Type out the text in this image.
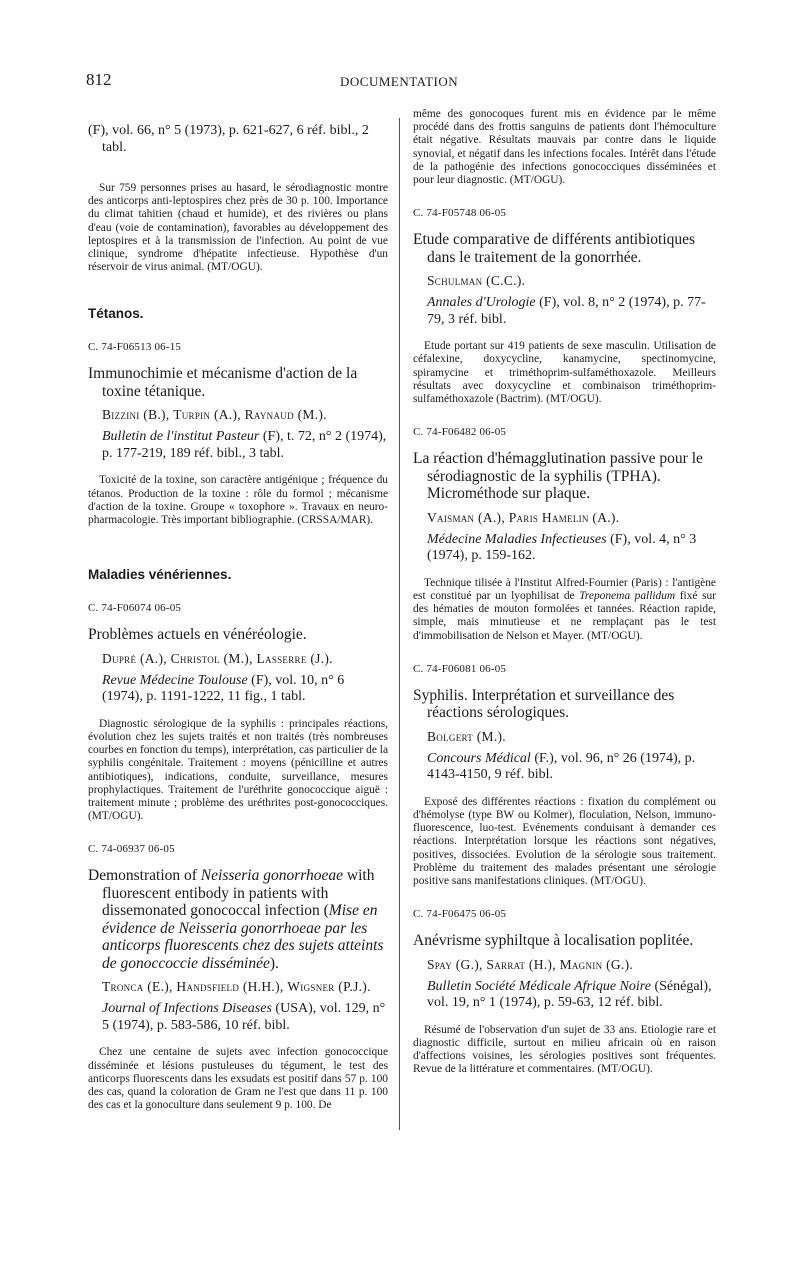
812	DOCUMENTATION

(F), vol. 66, n° 5 (1973), p. 621-627, 6 réf. bibl., 2 tabl.

Sur 759 personnes prises au hasard, le sérodiagnostic montre des anticorps anti-leptospires chez près de 30 p. 100. Importance du climat tahitien (chaud et humide), et des rivières ou plans d'eau (voie de contamination), favorables au développement des leptospires et à la transmission de l'infection. Au point de vue clinique, syndrome d'hépatite infectieuse. Hypothèse d'un réservoir de virus animal. (MT/OGU).

Tétanos.

C. 74-F06513 06-15

Immunochimie et mécanisme d'action de la toxine tétanique.

Bizzini (B.), Turpin (A.), Raynaud (M.).

Bulletin de l'institut Pasteur (F), t. 72, n° 2 (1974), p. 177-219, 189 réf. bibl., 3 tabl.

Toxicité de la toxine, son caractère antigénique ; fréquence du tétanos. Production de la toxine : rôle du formol ; mécanisme d'action de la toxine. Groupe « toxophore ». Travaux en neuro-pharmacologie. Très important bibliographie. (CRSSA/MAR).

Maladies vénériennes.

C. 74-F06074 06-05

Problèmes actuels en vénéréologie.

Dupré (A.), Christol (M.), Lasserre (J.).

Revue Médecine Toulouse (F), vol. 10, n° 6 (1974), p. 1191-1222, 11 fig., 1 tabl.

Diagnostic sérologique de la syphilis : principales réactions, évolution chez les sujets traités et non traités (très nombreuses courbes en fonction du temps), interprétation, cas particulier de la syphilis congénitale. Traitement : moyens (pénicilline et autres antibiotiques), indications, conduite, surveillance, mesures prophylactiques. Traitement de l'uréthrite gonococcique aiguë : traitement minute ; problème des uréthrites post-gonococciques. (MT/OGU).

C. 74-06937 06-05

Demonstration of Neisseria gonorrhoeae with fluorescent entibody in patients with dissemonated gonococcal infection (Mise en évidence de Neisseria gonorrhoeae par les anticorps fluorescents chez des sujets atteints de gonoccoccie disséminée).

Tronca (E.), Handsfield (H.H.), Wigsner (P.J.).

Journal of Infections Diseases (USA), vol. 129, n° 5 (1974), p. 583-586, 10 réf. bibl.

Chez une centaine de sujets avec infection gonococcique disséminée et lésions pustuleuses du tégument, le test des anticorps fluorescents dans les exsudats est positif dans 57 p. 100 des cas, quand la coloration de Gram ne l'est que dans 11 p. 100 des cas et la gonoculture dans seulement 9 p. 100. De

même des gonocoques furent mis en évidence par le même procédé dans des frottis sanguins de patients dont l'hémoculture était négative. Résultats mauvais par contre dans le liquide synovial, et négatif dans les infections focales. Intérêt dans l'étude de la pathogénie des infections gonococciques disséminées et pour leur diagnostic. (MT/OGU).

C. 74-F05748 06-05

Etude comparative de différents antibiotiques dans le traitement de la gonorrhée.

Schulman (C.C.).

Annales d'Urologie (F), vol. 8, n° 2 (1974), p. 77-79, 3 réf. bibl.

Etude portant sur 419 patients de sexe masculin. Utilisation de céfalexine, doxycycline, kanamycine, spectinomycine, spiramycine et triméthoprim-sulfaméthoxazole. Meilleurs résultats avec doxycycline et combinaison triméthoprim-sulfaméthoxazole (Bactrim). (MT/OGU).

C. 74-F06482 06-05

La réaction d'hémagglutination passive pour le sérodiagnostic de la syphilis (TPHA). Microméthode sur plaque.

Vaisman (A.), Paris Hamelin (A.).

Médecine Maladies Infectieuses (F), vol. 4, n° 3 (1974), p. 159-162.

Technique tilisée à l'Institut Alfred-Fournier (Paris) : l'antigène est constitué par un lyophilisat de Treponema pallidum fixé sur des hématies de mouton formolées et tannées. Réaction rapide, simple, mais minutieuse et ne remplaçant pas le test d'immobilisation de Nelson et Mayer. (MT/OGU).

C. 74-F06081 06-05

Syphilis. Interprétation et surveillance des réactions sérologiques.

Bolgert (M.).

Concours Médical (F.), vol. 96, n° 26 (1974), p. 4143-4150, 9 réf. bibl.

Exposé des différentes réactions : fixation du complément ou d'hémolyse (type BW ou Kolmer), floculation, Nelson, immuno-fluorescence, luo-test. Evénements conduisant à demander ces réactions. Interprétation lorsque les réactions sont négatives, positives, dissociées. Evolution de la sérologie sous traitement. Problème du traitement des malades présentant une sérologie positive sans manifestations cliniques. (MT/OGU).

C. 74-F06475 06-05

Anévrisme syphiltque à localisation poplitée.

Spay (G.), Sarrat (H.), Magnin (G.).

Bulletin Société Médicale Afrique Noire (Sénégal), vol. 19, n° 1 (1974), p. 59-63, 12 réf. bibl.

Résumé de l'observation d'un sujet de 33 ans. Etiologie rare et diagnostic difficile, surtout en milieu africain où en raison d'affections voisines, les sérologies positives sont fréquentes. Revue de la littérature et commentaires. (MT/OGU).
